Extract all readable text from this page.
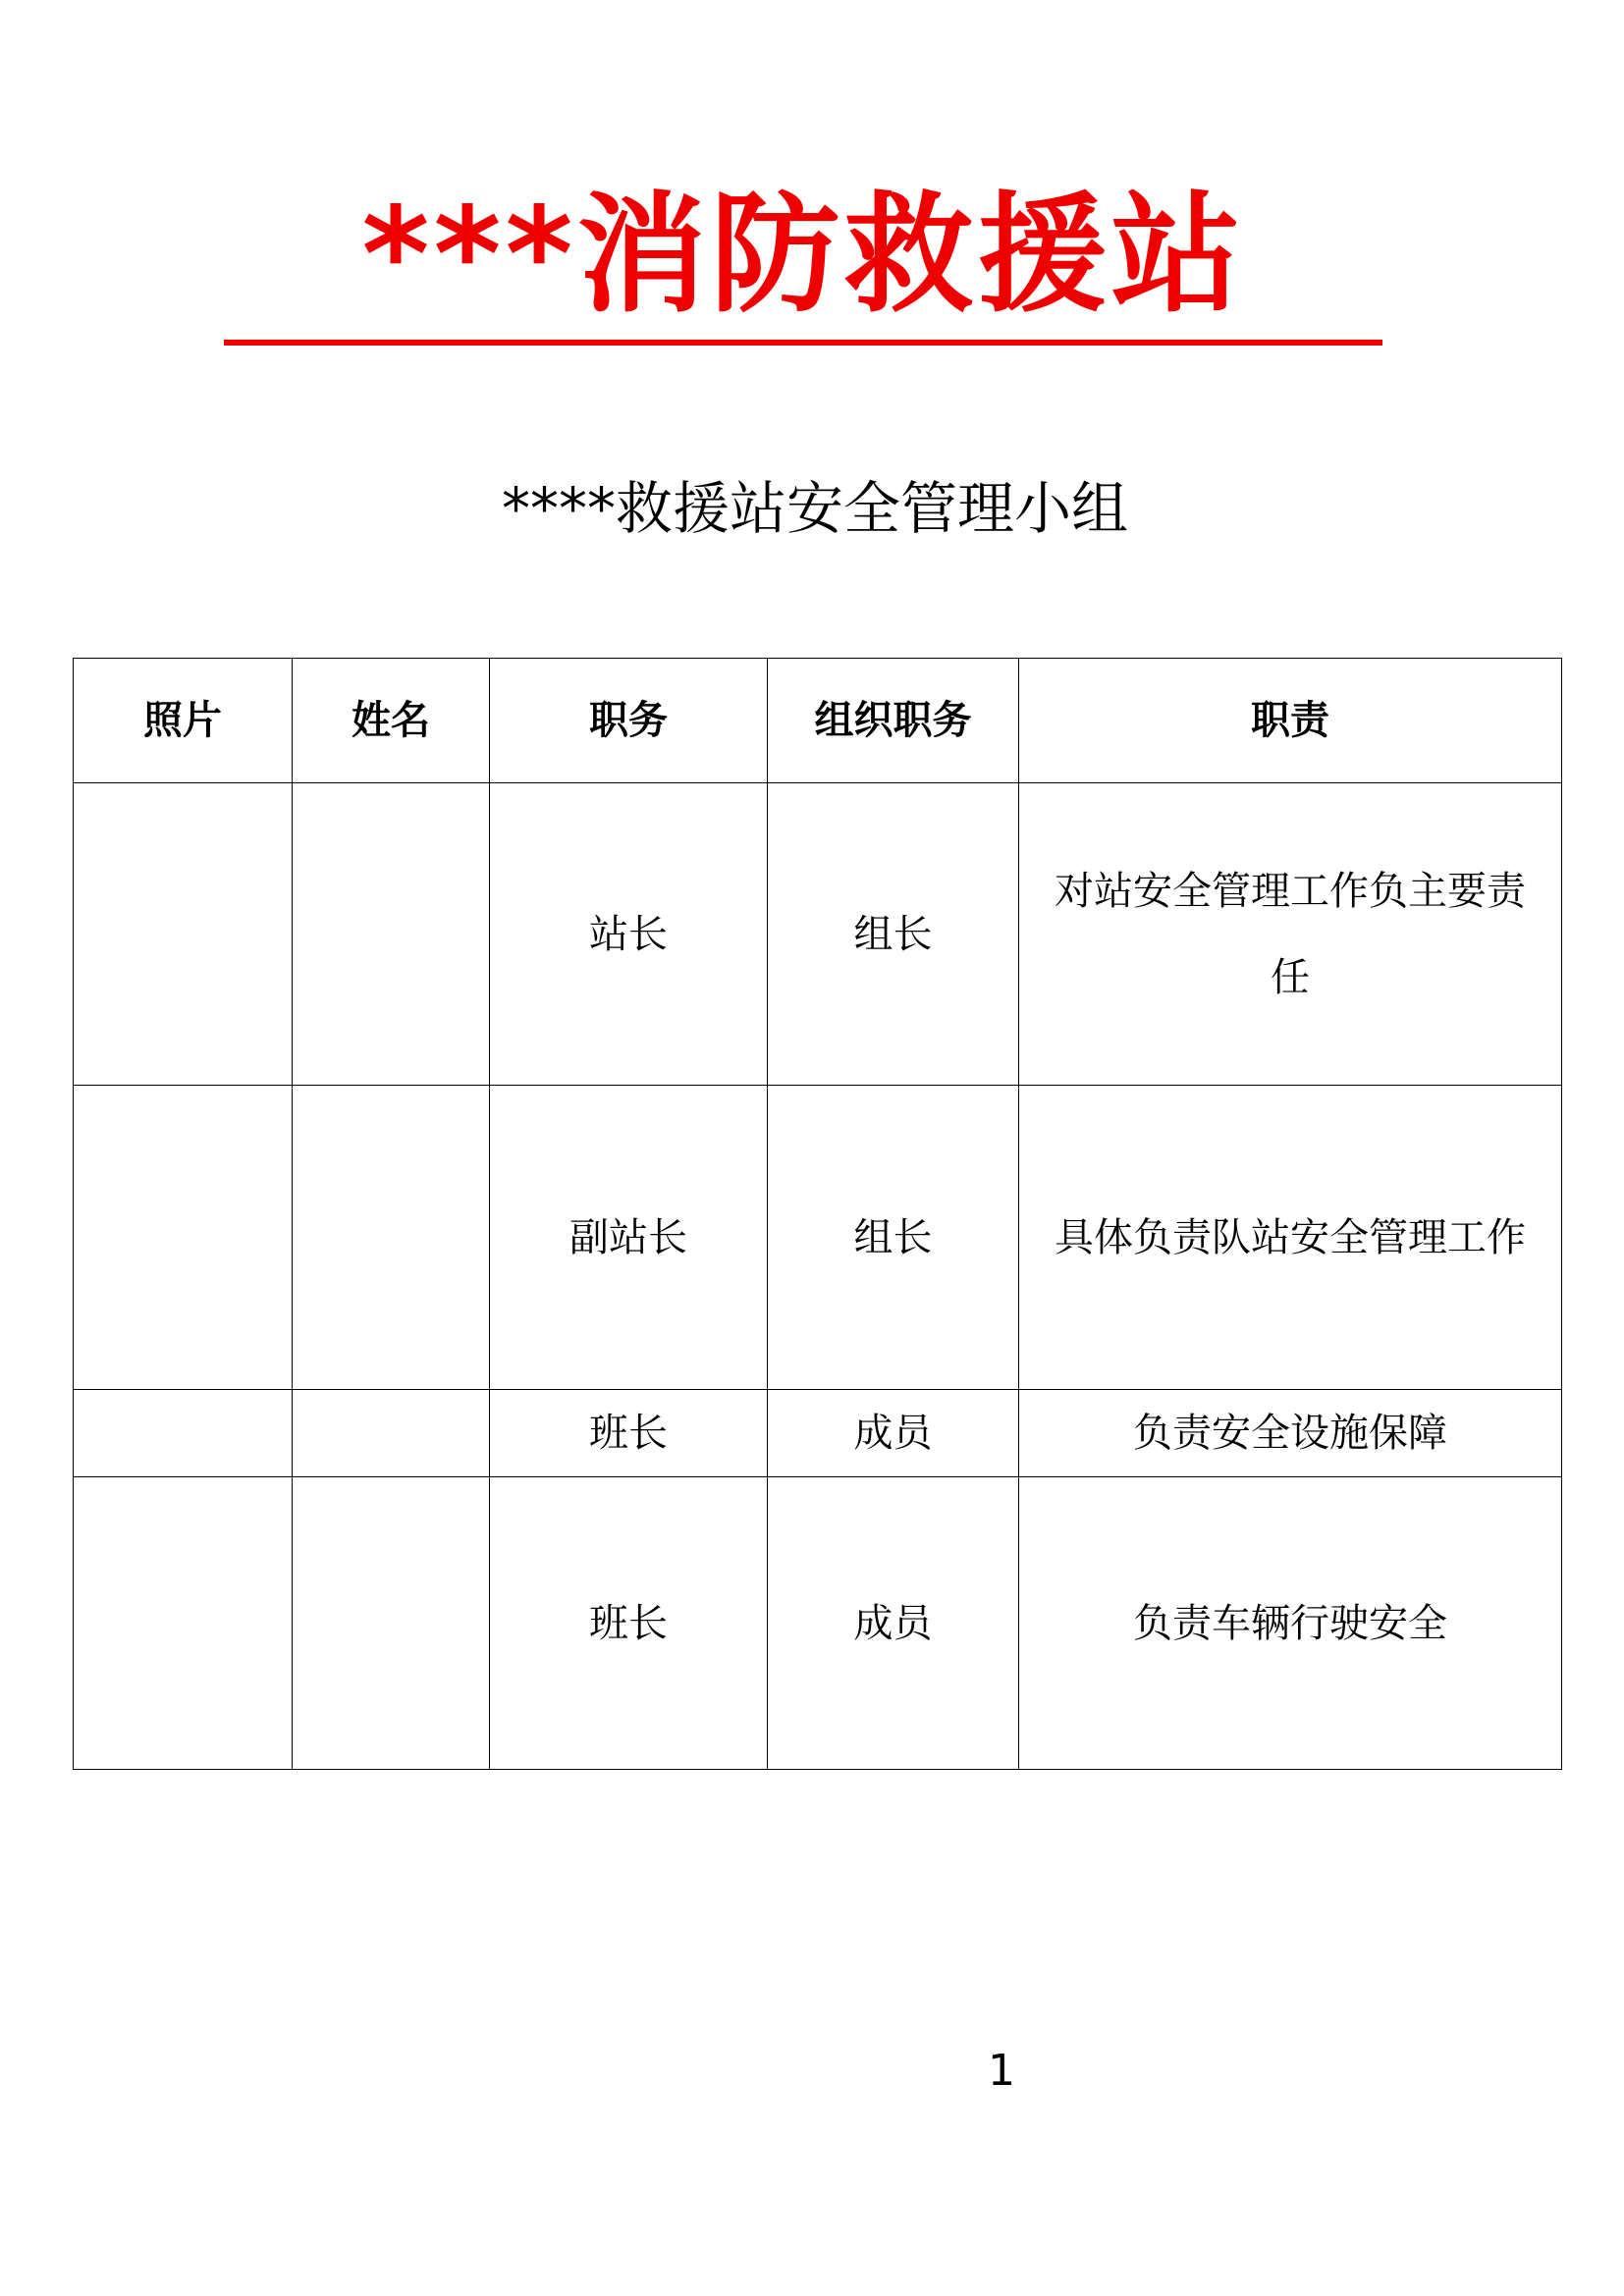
***消防救援站
****救援站安全管理小组
照片	姓名	职务	组织职务	职责
		站长	组长	对站安全管理工作负主要责任
		副站长	组长	具体负责队站安全管理工作
		班长	成员	负责安全设施保障
		班长	成员	负责车辆行驶安全
1
